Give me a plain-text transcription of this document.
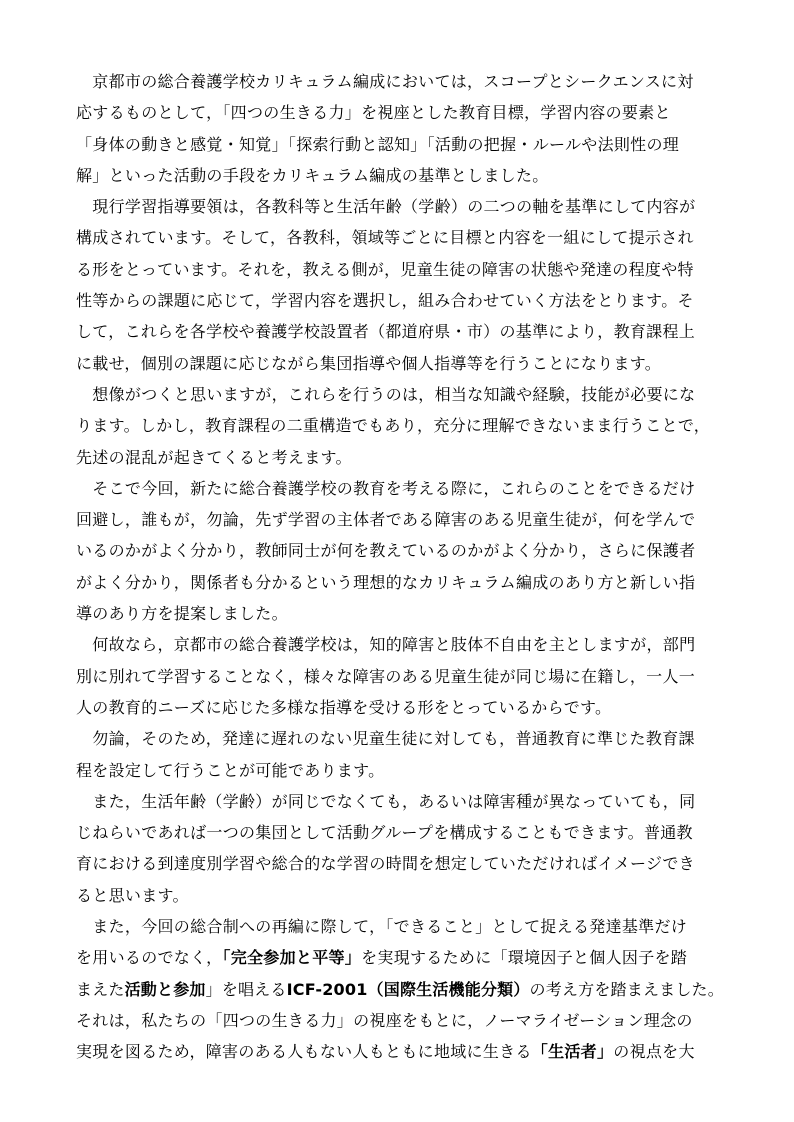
　京都市の総合養護学校カリキュラム編成においては，スコープとシークエンスに対
応するものとして，「四つの生きる力」を視座とした教育目標，学習内容の要素と
「身体の動きと感覚・知覚」「探索行動と認知」「活動の把握・ルールや法則性の理
解」といった活動の手段をカリキュラム編成の基準としました。
　現行学習指導要領は，各教科等と生活年齢（学齢）の二つの軸を基準にして内容が
構成されています。そして，各教科，領域等ごとに目標と内容を一組にして提示され
る形をとっています。それを，教える側が，児童生徒の障害の状態や発達の程度や特
性等からの課題に応じて，学習内容を選択し，組み合わせていく方法をとります。そ
して，これらを各学校や養護学校設置者（都道府県・市）の基準により，教育課程上
に載せ，個別の課題に応じながら集団指導や個人指導等を行うことになります。
　想像がつくと思いますが，これらを行うのは，相当な知識や経験，技能が必要にな
ります。しかし，教育課程の二重構造でもあり，充分に理解できないまま行うことで，
先述の混乱が起きてくると考えます。
　そこで今回，新たに総合養護学校の教育を考える際に，これらのことをできるだけ
回避し，誰もが，勿論，先ず学習の主体者である障害のある児童生徒が，何を学んで
いるのかがよく分かり，教師同士が何を教えているのかがよく分かり，さらに保護者
がよく分かり，関係者も分かるという理想的なカリキュラム編成のあり方と新しい指
導のあり方を提案しました。
　何故なら，京都市の総合養護学校は，知的障害と肢体不自由を主としますが，部門
別に別れて学習することなく，様々な障害のある児童生徒が同じ場に在籍し，一人一
人の教育的ニーズに応じた多様な指導を受ける形をとっているからです。
　勿論，そのため，発達に遅れのない児童生徒に対しても，普通教育に準じた教育課
程を設定して行うことが可能であります。
　また，生活年齢（学齢）が同じでなくても，あるいは障害種が異なっていても，同
じねらいであれば一つの集団として活動グループを構成することもできます。普通教
育における到達度別学習や総合的な学習の時間を想定していただければイメージでき
ると思います。
　また，今回の総合制への再編に際して，「できること」として捉える発達基準だけ
を用いるのでなく，「完全参加と平等」を実現するために「環境因子と個人因子を踏
まえた活動と参加」を唱えるICF-2001（国際生活機能分類）の考え方を踏まえました。
それは，私たちの「四つの生きる力」の視座をもとに，ノーマライゼーション理念の
実現を図るため，障害のある人もない人もともに地域に生きる「生活者」の視点を大
